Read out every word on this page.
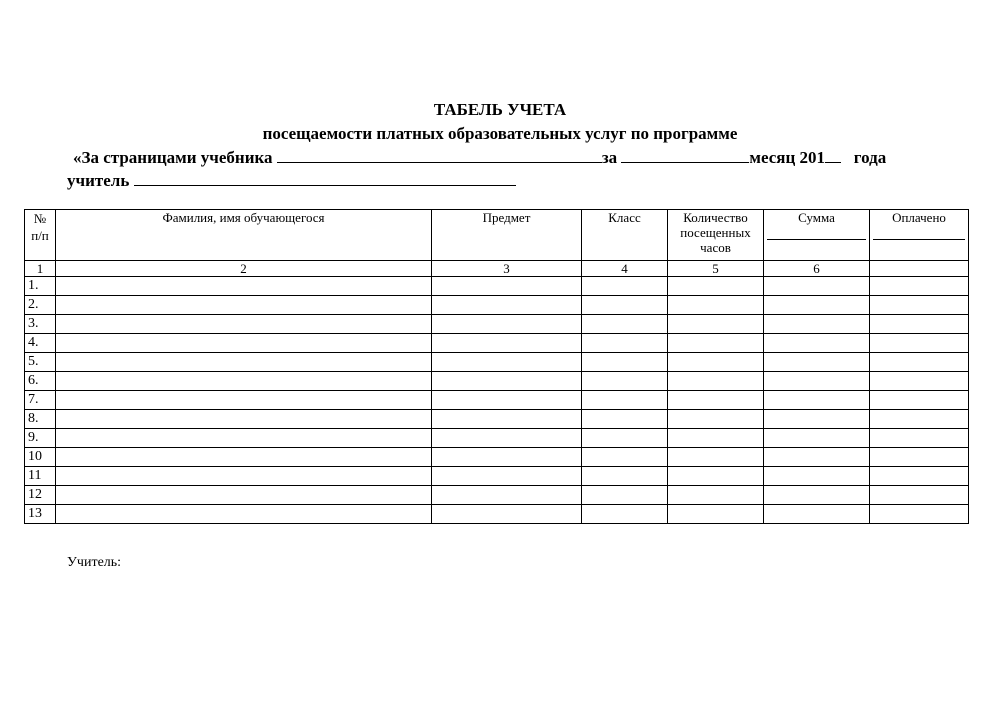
ТАБЕЛЬ УЧЕТА
посещаемости платных образовательных услуг по программе
«За страницами учебника	за	месяц 201 года
учитель
№ п/п	Фамилия, имя обучающегося	Предмет	Класс	Количество посещенных часов	Сумма	Оплачено

1	2	3	4	5	6	
1.						
2.						
3.						
4.						
5.						
6.						
7.						
8.						
9.						
10						
11						
12						
13						
Учитель:
